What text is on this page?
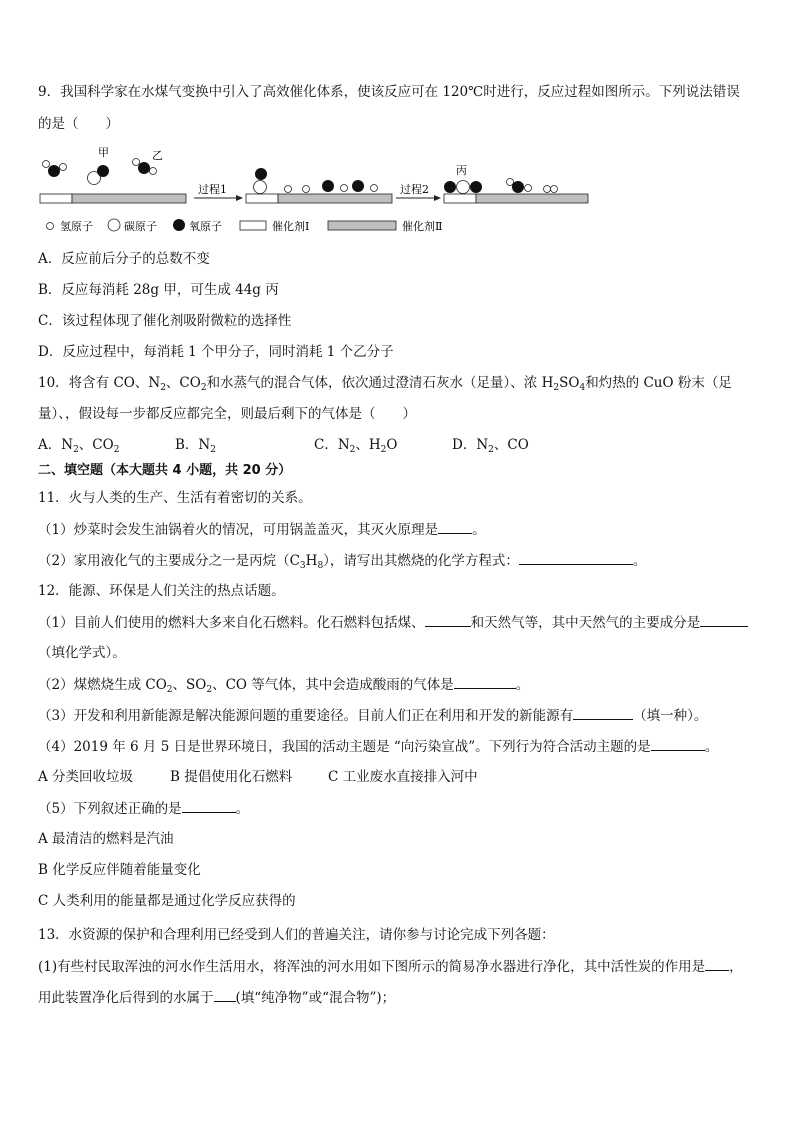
9．我国科学家在水煤气变换中引入了高效催化体系，使该反应可在 120℃时进行，反应过程如图所示。下列说法错误
的是（　　）
甲	乙
过程1	过程2
丙
氢原子	碳原子	氧原子	催化剂Ⅰ	催化剂Ⅱ
A．反应前后分子的总数不变
B．反应每消耗 28g 甲，可生成 44g 丙
C．该过程体现了催化剂吸附微粒的选择性
D．反应过程中，每消耗 1 个甲分子，同时消耗 1 个乙分子
10．将含有 CO、$N_2$、$CO_2$和水蒸气的混合气体，依次通过澄清石灰水（足量）、浓 $H_2SO_4$和灼热的 CuO 粉末（足
量）、，假设每一步都反应都完全，则最后剩下的气体是（　　）
A．$N_2$、$CO_2$	B．$N_2$	C．$N_2$、$H_2O$	D．$N_2$、CO
二、填空题（本大题共 4 小题，共 20 分）
11．火与人类的生产、生活有着密切的关系。
（1）炒菜时会发生油锅着火的情况，可用锅盖盖灭，其灭火原理是	。
（2）家用液化气的主要成分之一是丙烷$(C_3H_8)$，请写出其燃烧的化学方程式：	。
12．能源、环保是人们关注的热点话题。
（1）目前人们使用的燃料大多来自化石燃料。化石燃料包括煤、	和天然气等，其中天然气的主要成分是
（填化学式）。
（2）煤燃烧生成 $CO_2$、$SO_2$、CO 等气体，其中会造成酸雨的气体是	。
（3）开发和利用新能源是解决能源问题的重要途径。目前人们正在利用和开发的新能源有	（填一种）。
（4）2019 年 6 月 5 日是世界环境日，我国的活动主题是 “向污染宣战”。下列行为符合活动主题的是	。
A 分类回收垃圾	B 提倡使用化石燃料	C 工业废水直接排入河中
（5）下列叙述正确的是	。
A 最清洁的燃料是汽油
B 化学反应伴随着能量变化
C 人类利用的能量都是通过化学反应获得的
13．水资源的保护和合理利用已经受到人们的普遍关注，请你参与讨论完成下列各题：
(1)有些村民取浑浊的河水作生活用水，将浑浊的河水用如下图所示的简易净水器进行净化，其中活性炭的作用是 ，
用此装置净化后得到的水属于 (填“纯净物”或“混合物”)；
